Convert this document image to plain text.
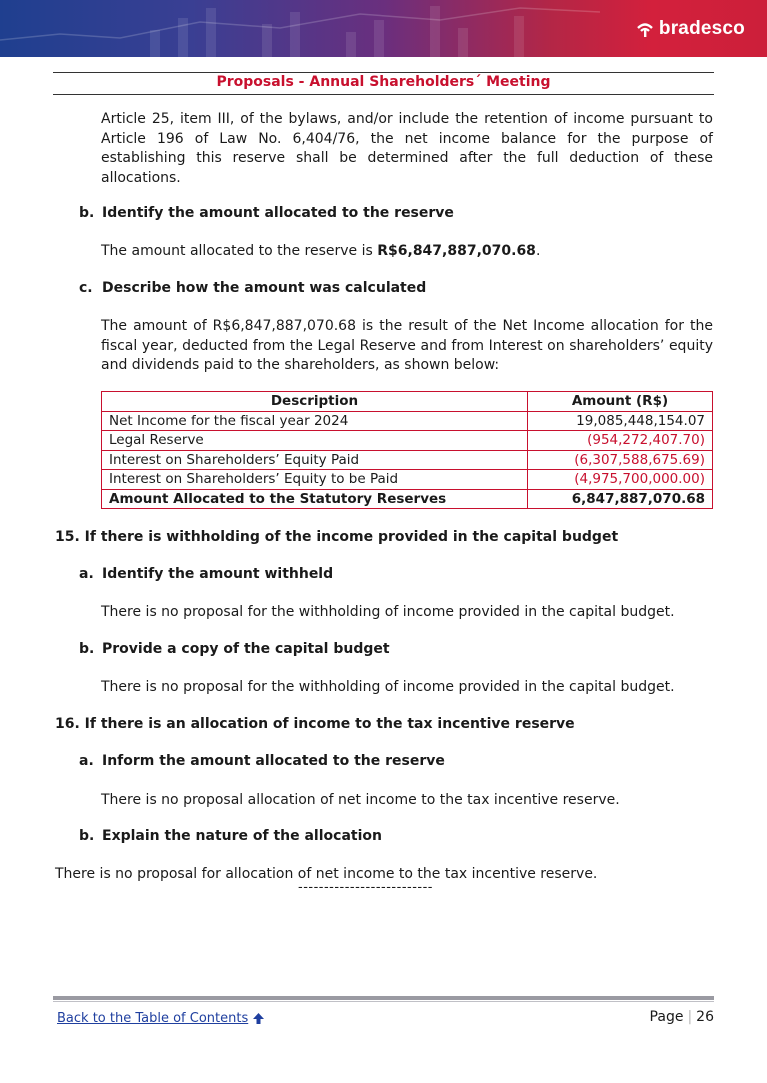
bradesco
Proposals - Annual Shareholders´ Meeting
Article 25, item III, of the bylaws, and/or include the retention of income pursuant to Article 196 of Law No. 6,404/76, the net income balance for the purpose of establishing this reserve shall be determined after the full deduction of these allocations.
b. Identify the amount allocated to the reserve
The amount allocated to the reserve is R$6,847,887,070.68.
c. Describe how the amount was calculated
The amount of R$6,847,887,070.68 is the result of the Net Income allocation for the fiscal year, deducted from the Legal Reserve and from Interest on shareholders’ equity and dividends paid to the shareholders, as shown below:
Description	Amount (R$)
Net Income for the fiscal year 2024	19,085,448,154.07
Legal Reserve	(954,272,407.70)
Interest on Shareholders’ Equity Paid	(6,307,588,675.69)
Interest on Shareholders’ Equity to be Paid	(4,975,700,000.00)
Amount Allocated to the Statutory Reserves	6,847,887,070.68
15. If there is withholding of the income provided in the capital budget
a. Identify the amount withheld
There is no proposal for the withholding of income provided in the capital budget.
b. Provide a copy of the capital budget
There is no proposal for the withholding of income provided in the capital budget.
16. If there is an allocation of income to the tax incentive reserve
a. Inform the amount allocated to the reserve
There is no proposal allocation of net income to the tax incentive reserve.
b. Explain the nature of the allocation
There is no proposal for allocation of net income to the tax incentive reserve.
--------------------------
Back to the Table of Contents	Page | 26
